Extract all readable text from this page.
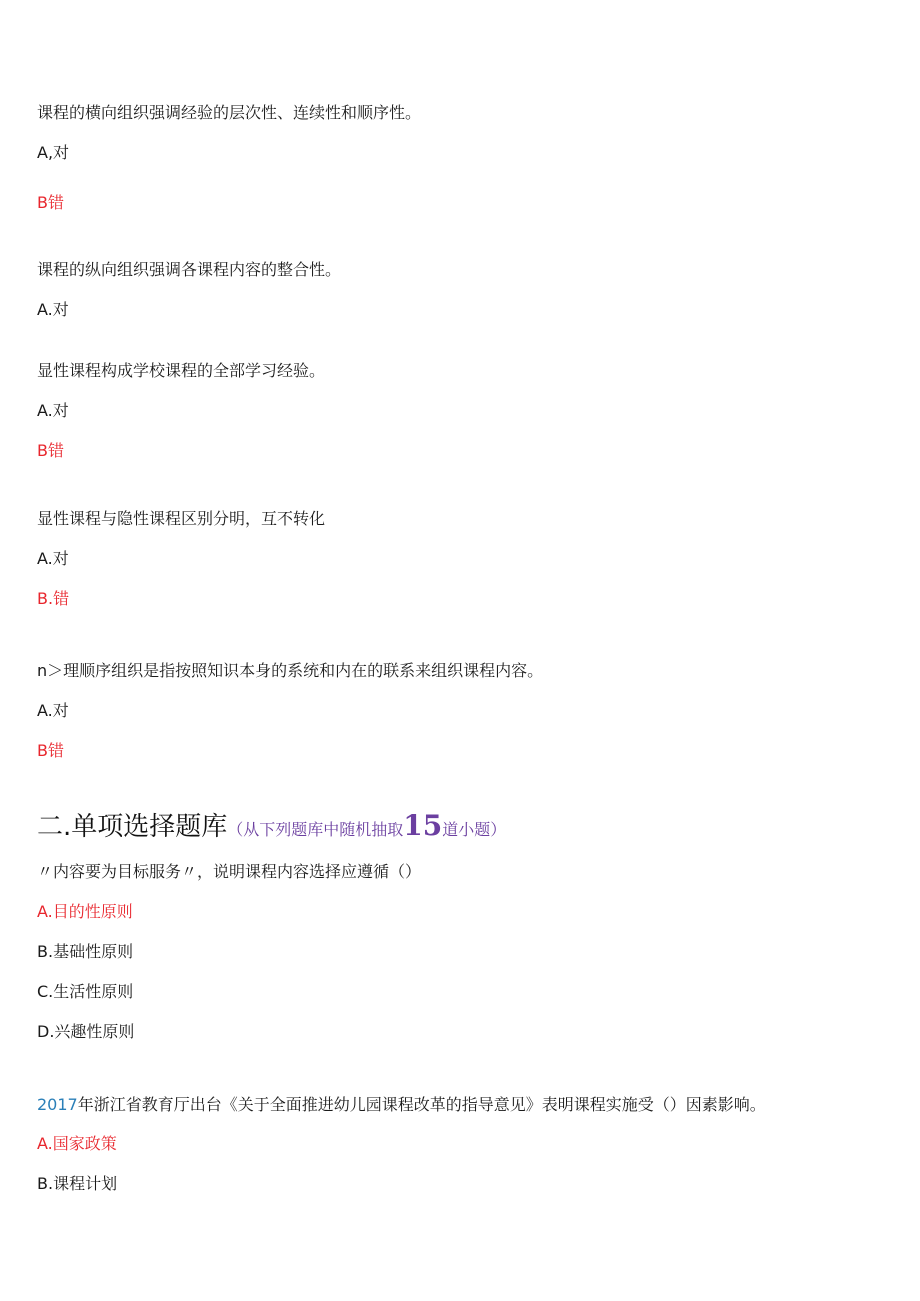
课程的横向组织强调经验的层次性、连续性和顺序性。
A,对
B错
课程的纵向组织强调各课程内容的整合性。
A.对
显性课程构成学校课程的全部学习经验。
A.对
B错
显性课程与隐性课程区别分明，互不转化
A.对
B.错
n＞理顺序组织是指按照知识本身的系统和内在的联系来组织课程内容。
A.对
B错
二.单项选择题库（从下列题库中随机抽取15道小题）
〃内容要为目标服务〃，说明课程内容选择应遵循（）
A.目的性原则
B.基础性原则
C.生活性原则
D.兴趣性原则
2017年浙江省教育厅出台《关于全面推进幼儿园课程改革的指导意见》表明课程实施受（）因素影响。
A.国家政策
B.课程计划
